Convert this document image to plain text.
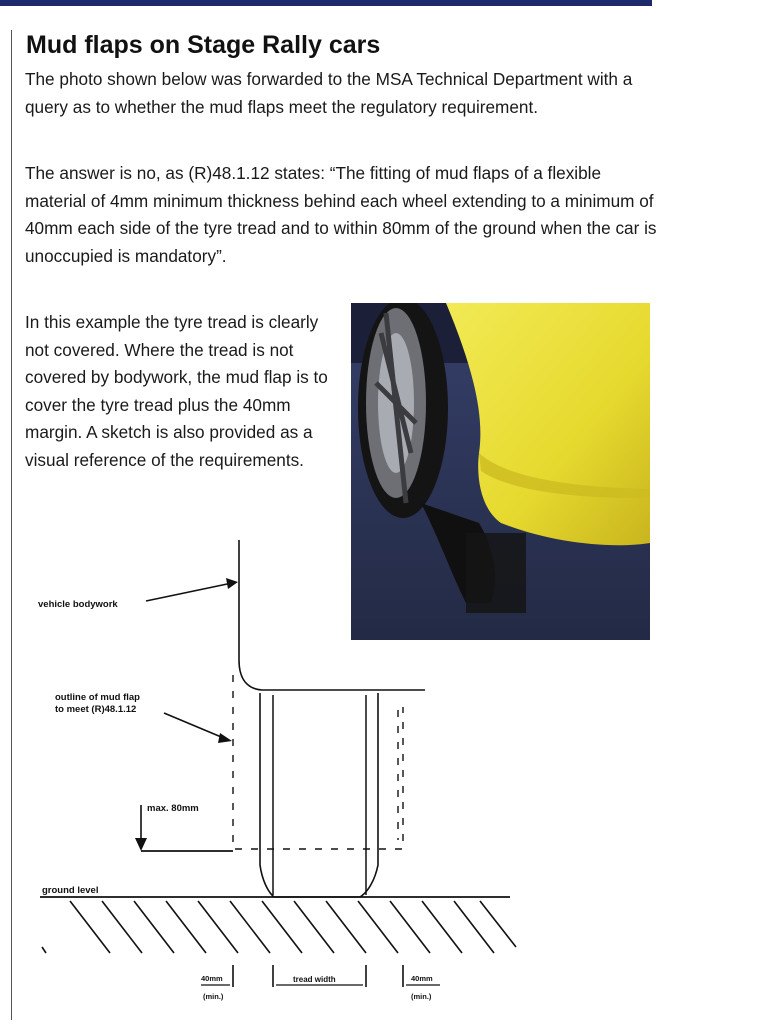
Mud flaps on Stage Rally cars

The photo shown below was forwarded to the MSA Technical Department with a query as to whether the mud flaps meet the regulatory requirement.

The answer is no, as (R)48.1.12 states: “The fitting of mud flaps of a flexible material of 4mm minimum thickness behind each wheel extending to a minimum of 40mm each side of the tyre tread and to within 80mm of the ground when the car is unoccupied is mandatory”.

In this example the tyre tread is clearly not covered. Where the tread is not covered by bodywork, the mud flap is to cover the tyre tread plus the 40mm margin. A sketch is also provided as a visual reference of the requirements.

vehicle bodywork
outline of mud flap
to meet (R)48.1.12
max. 80mm
ground level
40mm
(min.)
tread width	40mm
(min.)
